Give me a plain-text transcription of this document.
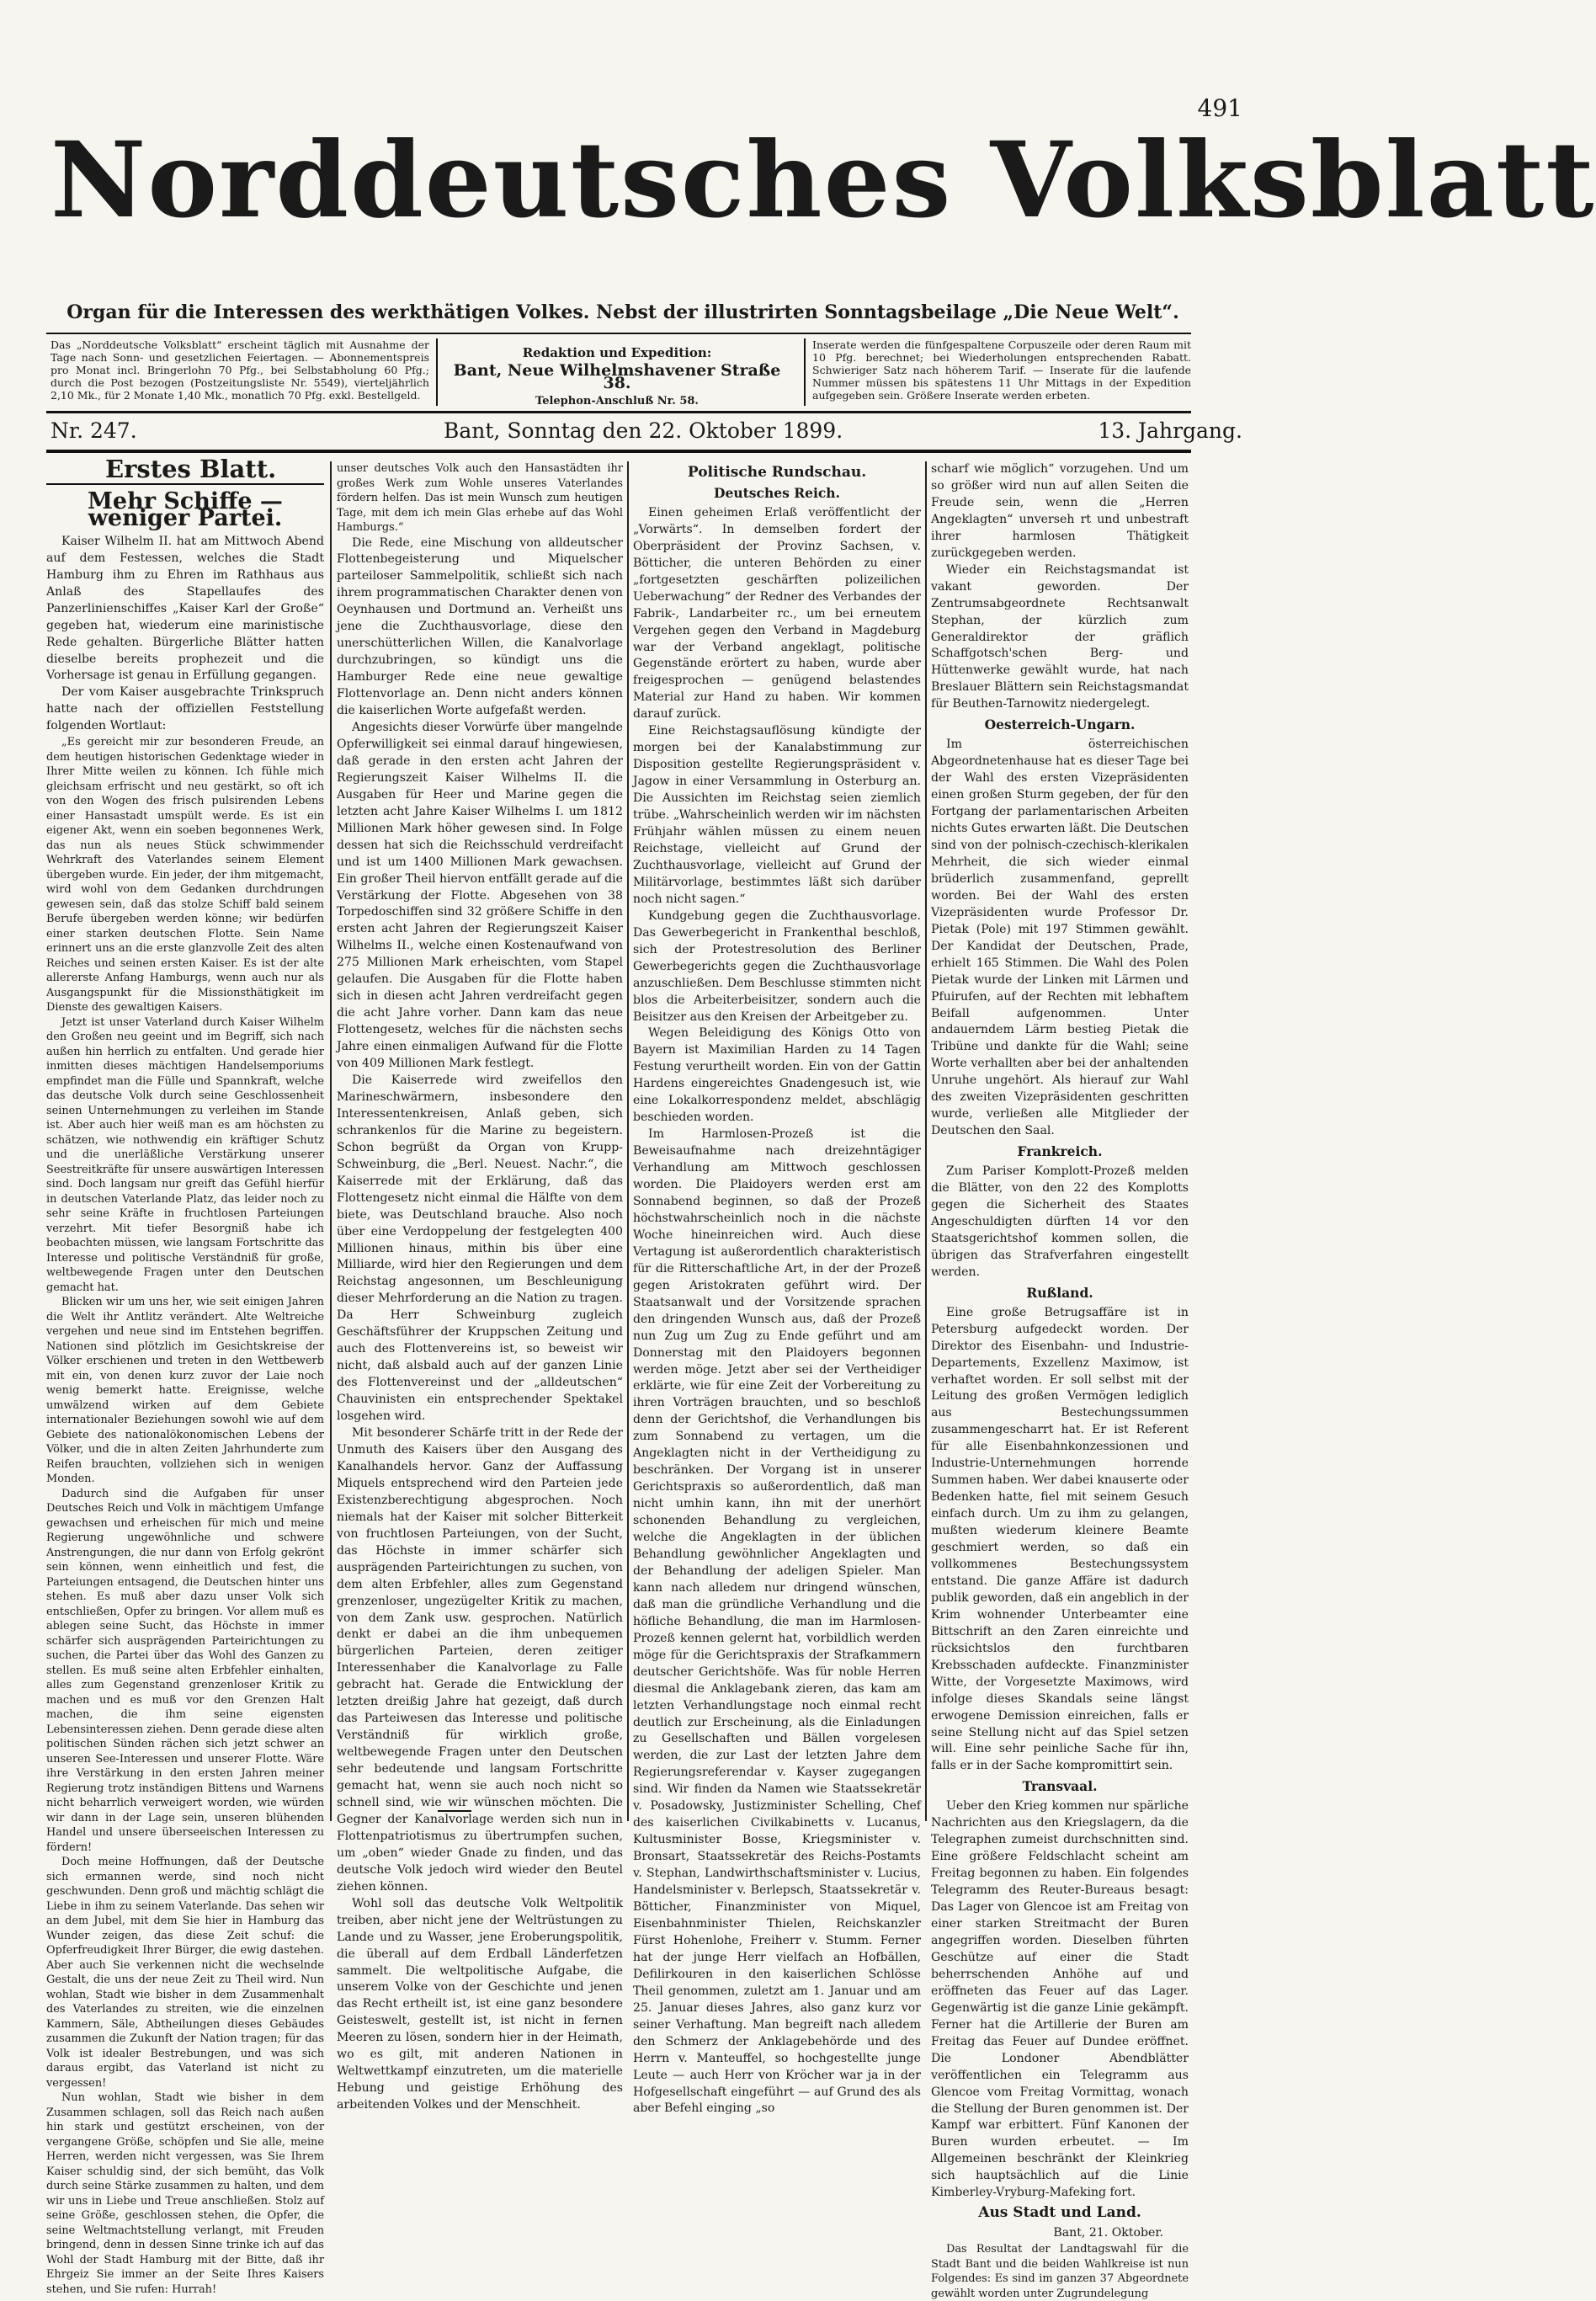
491
Norddeutsches Volksblatt
Organ für die Interessen des werkthätigen Volkes. Nebst der illustrirten Sonntagsbeilage „Die Neue Welt“.
Das „Norddeutsche Volksblatt“ erscheint täglich mit Ausnahme der Tage nach Sonn- und gesetzlichen Feiertagen. — Abonnementspreis pro Monat incl. Bringerlohn 70 Pfg., bei Selbstabholung 60 Pfg.; durch die Post bezogen (Postzeitungsliste Nr. 5549), vierteljährlich 2,10 Mk., für 2 Monate 1,40 Mk., monatlich 70 Pfg. exkl. Bestellgeld.
Redaktion und Expedition:
Bant, Neue Wilhelmshavener Straße 38.
Telephon-Anschluß Nr. 58.
Inserate werden die fünfgespaltene Corpuszeile oder deren Raum mit 10 Pfg. berechnet; bei Wiederholungen entsprechenden Rabatt. Schwieriger Satz nach höherem Tarif. — Inserate für die laufende Nummer müssen bis spätestens 11 Uhr Mittags in der Expedition aufgegeben sein. Größere Inserate werden erbeten.
Nr. 247.	Bant, Sonntag den 22. Oktober 1899.	13. Jahrgang.
Erstes Blatt.
Mehr Schiffe — weniger Partei.

Kaiser Wilhelm II. hat am Mittwoch Abend auf dem Festessen, welches die Stadt Hamburg ihm zu Ehren im Rathhaus aus Anlaß des Stapellaufes des Panzerlinienschiffes „Kaiser Karl der Große“ gegeben hat, wiederum eine marinistische Rede gehalten. Bürgerliche Blätter hatten dieselbe bereits prophezeit und die Vorhersage ist genau in Erfüllung gegangen.

Der vom Kaiser ausgebrachte Trinkspruch hatte nach der offiziellen Feststellung folgenden Wortlaut:

„Es gereicht mir zur besonderen Freude, an dem heutigen historischen Gedenktage wieder in Ihrer Mitte weilen zu können. Ich fühle mich gleichsam erfrischt und neu gestärkt, so oft ich von den Wogen des frisch pulsirenden Lebens einer Hansastadt umspült werde. Es ist ein eigener Akt, wenn ein soeben begonnenes Werk, das nun als neues Stück schwimmender Wehrkraft des Vaterlandes seinem Element übergeben wurde. Ein jeder, der ihm mitgemacht, wird wohl von dem Gedanken durchdrungen gewesen sein, daß das stolze Schiff bald seinem Berufe übergeben werden könne; wir bedürfen einer starken deutschen Flotte. Sein Name erinnert uns an die erste glanzvolle Zeit des alten Reiches und seinen ersten Kaiser. Es ist der alte allererste Anfang Hamburgs, wenn auch nur als Ausgangspunkt für die Missionsthätigkeit im Dienste des gewaltigen Kaisers.

Jetzt ist unser Vaterland durch Kaiser Wilhelm den Großen neu geeint und im Begriff, sich nach außen hin herrlich zu entfalten. Und gerade hier inmitten dieses mächtigen Handelsemporiums empfindet man die Fülle und Spannkraft, welche das deutsche Volk durch seine Geschlossenheit seinen Unternehmungen zu verleihen im Stande ist. Aber auch hier weiß man es am höchsten zu schätzen, wie nothwendig ein kräftiger Schutz und die unerläßliche Verstärkung unserer Seestreitkräfte für unsere auswärtigen Interessen sind. Doch langsam nur greift das Gefühl hierfür in deutschen Vaterlande Platz, das leider noch zu sehr seine Kräfte in fruchtlosen Parteiungen verzehrt. Mit tiefer Besorgniß habe ich beobachten müssen, wie langsam Fortschritte das Interesse und politische Verständniß für große, weltbewegende Fragen unter den Deutschen gemacht hat.

Blicken wir um uns her, wie seit einigen Jahren die Welt ihr Antlitz verändert. Alte Weltreiche vergehen und neue sind im Entstehen begriffen. Nationen sind plötzlich im Gesichtskreise der Völker erschienen und treten in den Wettbewerb mit ein, von denen kurz zuvor der Laie noch wenig bemerkt hatte. Ereignisse, welche umwälzend wirken auf dem Gebiete internationaler Beziehungen sowohl wie auf dem Gebiete des nationalökonomischen Lebens der Völker, und die in alten Zeiten Jahrhunderte zum Reifen brauchten, vollziehen sich in wenigen Monden.

Dadurch sind die Aufgaben für unser Deutsches Reich und Volk in mächtigem Umfange gewachsen und erheischen für mich und meine Regierung ungewöhnliche und schwere Anstrengungen, die nur dann von Erfolg gekrönt sein können, wenn einheitlich und fest, die Parteiungen entsagend, die Deutschen hinter uns stehen. Es muß aber dazu unser Volk sich entschließen, Opfer zu bringen. Vor allem muß es ablegen seine Sucht, das Höchste in immer schärfer sich ausprägenden Parteirichtungen zu suchen, die Partei über das Wohl des Ganzen zu stellen. Es muß seine alten Erbfehler einhalten, alles zum Gegenstand grenzenloser Kritik zu machen und es muß vor den Grenzen Halt machen, die ihm seine eigensten Lebensinteressen ziehen. Denn gerade diese alten politischen Sünden rächen sich jetzt schwer an unseren See-Interessen und unserer Flotte. Wäre ihre Verstärkung in den ersten Jahren meiner Regierung trotz inständigen Bittens und Warnens nicht beharrlich verweigert worden, wie würden wir dann in der Lage sein, unseren blühenden Handel und unsere überseeischen Interessen zu fördern!

Doch meine Hoffnungen, daß der Deutsche sich ermannen werde, sind noch nicht geschwunden. Denn groß und mächtig schlägt die Liebe in ihm zu seinem Vaterlande. Das sehen wir an dem Jubel, mit dem Sie hier in Hamburg das Wunder zeigen, das diese Zeit schuf: die Opferfreudigkeit Ihrer Bürger, die ewig dastehen. Aber auch Sie verkennen nicht die wechselnde Gestalt, die uns der neue Zeit zu Theil wird. Nun wohlan, Stadt wie bisher in dem Zusammenhalt des Vaterlandes zu streiten, wie die einzelnen Kammern, Säle, Abtheilungen dieses Gebäudes zusammen die Zukunft der Nation tragen; für das Volk ist idealer Bestrebungen, und was sich daraus ergibt, das Vaterland ist nicht zu vergessen!

Nun wohlan, Stadt wie bisher in dem Zusammen schlagen, soll das Reich nach außen hin stark und gestützt erscheinen, von der vergangene Größe, schöpfen und Sie alle, meine Herren, werden nicht vergessen, was Sie Ihrem Kaiser schuldig sind, der sich bemüht, das Volk durch seine Stärke zusammen zu halten, und dem wir uns in Liebe und Treue anschließen. Stolz auf seine Größe, geschlossen stehen, die Opfer, die seine Weltmachtstellung verlangt, mit Freuden bringend, denn in dessen Sinne trinke ich auf das Wohl der Stadt Hamburg mit der Bitte, daß ihr Ehrgeiz Sie immer an der Seite Ihres Kaisers stehen, und Sie rufen: Hurrah!

unser deutsches Volk auch den Hansastädten ihr großes Werk zum Wohle unseres Vaterlandes fördern helfen. Das ist mein Wunsch zum heutigen Tage, mit dem ich mein Glas erhebe auf das Wohl Hamburgs.“

Die Rede, eine Mischung von alldeutscher Flottenbegeisterung und Miquelscher parteiloser Sammelpolitik, schließt sich nach ihrem programmatischen Charakter denen von Oeynhausen und Dortmund an. Verheißt uns jene die Zuchthausvorlage, diese den unerschütterlichen Willen, die Kanalvorlage durchzubringen, so kündigt uns die Hamburger Rede eine neue gewaltige Flottenvorlage an. Denn nicht anders können die kaiserlichen Worte aufgefaßt werden.

Angesichts dieser Vorwürfe über mangelnde Opferwilligkeit sei einmal darauf hingewiesen, daß gerade in den ersten acht Jahren der Regierungszeit Kaiser Wilhelms II. die Ausgaben für Heer und Marine gegen die letzten acht Jahre Kaiser Wilhelms I. um 1812 Millionen Mark höher gewesen sind. In Folge dessen hat sich die Reichsschuld verdreifacht und ist um 1400 Millionen Mark gewachsen. Ein großer Theil hiervon entfällt gerade auf die Verstärkung der Flotte. Abgesehen von 38 Torpedoschiffen sind 32 größere Schiffe in den ersten acht Jahren der Regierungszeit Kaiser Wilhelms II., welche einen Kostenaufwand von 275 Millionen Mark erheischten, vom Stapel gelaufen. Die Ausgaben für die Flotte haben sich in diesen acht Jahren verdreifacht gegen die acht Jahre vorher. Dann kam das neue Flottengesetz, welches für die nächsten sechs Jahre einen einmaligen Aufwand für die Flotte von 409 Millionen Mark festlegt.

Die Kaiserrede wird zweifellos den Marineschwärmern, insbesondere den Interessentenkreisen, Anlaß geben, sich schrankenlos für die Marine zu begeistern. Schon begrüßt da Organ von Krupp-Schweinburg, die „Berl. Neuest. Nachr.“, die Kaiserrede mit der Erklärung, daß das Flottengesetz nicht einmal die Hälfte von dem biete, was Deutschland brauche. Also noch über eine Verdoppelung der festgelegten 400 Millionen hinaus, mithin bis über eine Milliarde, wird hier den Regierungen und dem Reichstag angesonnen, um Beschleunigung dieser Mehrforderung an die Nation zu tragen. Da Herr Schweinburg zugleich Geschäftsführer der Kruppschen Zeitung und auch des Flottenvereins ist, so beweist wir nicht, daß alsbald auch auf der ganzen Linie des Flottenvereinst und der „alldeutschen“ Chauvinisten ein entsprechender Spektakel losgehen wird.

Mit besonderer Schärfe tritt in der Rede der Unmuth des Kaisers über den Ausgang des Kanalhandels hervor. Ganz der Auffassung Miquels entsprechend wird den Parteien jede Existenzberechtigung abgesprochen. Noch niemals hat der Kaiser mit solcher Bitterkeit von fruchtlosen Parteiungen, von der Sucht, das Höchste in immer schärfer sich ausprägenden Parteirichtungen zu suchen, von dem alten Erbfehler, alles zum Gegenstand grenzenloser, ungezügelter Kritik zu machen, von dem Zank usw. gesprochen. Natürlich denkt er dabei an die ihm unbequemen bürgerlichen Parteien, deren zeitiger Interessenhaber die Kanalvorlage zu Falle gebracht hat. Gerade die Entwicklung der letzten dreißig Jahre hat gezeigt, daß durch das Parteiwesen das Interesse und politische Verständniß für wirklich große, weltbewegende Fragen unter den Deutschen sehr bedeutende und langsam Fortschritte gemacht hat, wenn sie auch noch nicht so schnell sind, wie wir wünschen möchten. Die Gegner der Kanalvorlage werden sich nun in Flottenpatriotismus zu übertrumpfen suchen, um „oben“ wieder Gnade zu finden, und das deutsche Volk jedoch wird wieder den Beutel ziehen können.

Wohl soll das deutsche Volk Weltpolitik treiben, aber nicht jene der Weltrüstungen zu Lande und zu Wasser, jene Eroberungspolitik, die überall auf dem Erdball Länderfetzen sammelt. Die weltpolitische Aufgabe, die unserem Volke von der Geschichte und jenen das Recht ertheilt ist, ist eine ganz besondere Geisteswelt, gestellt ist, ist nicht in fernen Meeren zu lösen, sondern hier in der Heimath, wo es gilt, mit anderen Nationen in Weltwettkampf einzutreten, um die materielle Hebung und geistige Erhöhung des arbeitenden Volkes und der Menschheit.

Politische Rundschau.
Deutsches Reich.

Einen geheimen Erlaß veröffentlicht der „Vorwärts“. In demselben fordert der Oberpräsident der Provinz Sachsen, v. Bötticher, die unteren Behörden zu einer „fortgesetzten geschärften polizeilichen Ueberwachung“ der Redner des Verbandes der Fabrik-, Landarbeiter rc., um bei erneutem Vergehen gegen den Verband in Magdeburg war der Verband angeklagt, politische Gegenstände erörtert zu haben, wurde aber freigesprochen — genügend belastendes Material zur Hand zu haben. Wir kommen darauf zurück.

Eine Reichstagsauflösung kündigte der morgen bei der Kanalabstimmung zur Disposition gestellte Regierungspräsident v. Jagow in einer Versammlung in Osterburg an. Die Aussichten im Reichstag seien ziemlich trübe. „Wahrscheinlich werden wir im nächsten Frühjahr wählen müssen zu einem neuen Reichstage, vielleicht auf Grund der Zuchthausvorlage, vielleicht auf Grund der Militärvorlage, bestimmtes läßt sich darüber noch nicht sagen.“

Kundgebung gegen die Zuchthausvorlage. Das Gewerbegericht in Frankenthal beschloß, sich der Protestresolution des Berliner Gewerbegerichts gegen die Zuchthausvorlage anzuschließen. Dem Beschlusse stimmten nicht blos die Arbeiterbeisitzer, sondern auch die Beisitzer aus den Kreisen der Arbeitgeber zu.

Wegen Beleidigung des Königs Otto von Bayern ist Maximilian Harden zu 14 Tagen Festung verurtheilt worden. Ein von der Gattin Hardens eingereichtes Gnadengesuch ist, wie eine Lokalkorrespondenz meldet, abschlägig beschieden worden.

Im Harmlosen-Prozeß ist die Beweisaufnahme nach dreizehntägiger Verhandlung am Mittwoch geschlossen worden. Die Plaidoyers werden erst am Sonnabend beginnen, so daß der Prozeß höchstwahrscheinlich noch in die nächste Woche hineinreichen wird. Auch diese Vertagung ist außerordentlich charakteristisch für die Ritterschaftliche Art, in der der Prozeß gegen Aristokraten geführt wird. Der Staatsanwalt und der Vorsitzende sprachen den dringenden Wunsch aus, daß der Prozeß nun Zug um Zug zu Ende geführt und am Donnerstag mit den Plaidoyers begonnen werden möge. Jetzt aber sei der Vertheidiger erklärte, wie für eine Zeit der Vorbereitung zu ihren Vorträgen brauchten, und so beschloß denn der Gerichtshof, die Verhandlungen bis zum Sonnabend zu vertagen, um die Angeklagten nicht in der Vertheidigung zu beschränken. Der Vorgang ist in unserer Gerichtspraxis so außerordentlich, daß man nicht umhin kann, ihn mit der unerhört schonenden Behandlung zu vergleichen, welche die Angeklagten in der üblichen Behandlung gewöhnlicher Angeklagten und der Behandlung der adeligen Spieler. Man kann nach alledem nur dringend wünschen, daß man die gründliche Verhandlung und die höfliche Behandlung, die man im Harmlosen-Prozeß kennen gelernt hat, vorbildlich werden möge für die Gerichtspraxis der Strafkammern deutscher Gerichtshöfe. Was für noble Herren diesmal die Anklagebank zieren, das kam am letzten Verhandlungstage noch einmal recht deutlich zur Erscheinung, als die Einladungen zu Gesellschaften und Bällen vorgelesen werden, die zur Last der letzten Jahre dem Regierungsreferendar v. Kayser zugegangen sind. Wir finden da Namen wie Staatssekretär v. Posadowsky, Justizminister Schelling, Chef des kaiserlichen Civilkabinetts v. Lucanus, Kultusminister Bosse, Kriegsminister v. Bronsart, Staatssekretär des Reichs-Postamts v. Stephan, Landwirthschaftsminister v. Lucius, Handelsminister v. Berlepsch, Staatssekretär v. Bötticher, Finanzminister von Miquel, Eisenbahnminister Thielen, Reichskanzler Fürst Hohenlohe, Freiherr v. Stumm. Ferner hat der junge Herr vielfach an Hofbällen, Defilirkouren in den kaiserlichen Schlösse Theil genommen, zuletzt am 1. Januar und am 25. Januar dieses Jahres, also ganz kurz vor seiner Verhaftung. Man begreift nach alledem den Schmerz der Anklagebehörde und des Herrn v. Manteuffel, so hochgestellte junge Leute — auch Herr von Kröcher war ja in der Hofgesellschaft eingeführt — auf Grund des als aber Befehl einging „so

scharf wie möglich“ vorzugehen. Und um so größer wird nun auf allen Seiten die Freude sein, wenn die „Herren Angeklagten“ unverseh rt und unbestraft ihrer harmlosen Thätigkeit zurückgegeben werden.

Wieder ein Reichstagsmandat ist vakant geworden. Der Zentrumsabgeordnete Rechtsanwalt Stephan, der kürzlich zum Generaldirektor der gräflich Schaffgotsch'schen Berg- und Hüttenwerke gewählt wurde, hat nach Breslauer Blättern sein Reichstagsmandat für Beuthen-Tarnowitz niedergelegt.

Oesterreich-Ungarn.

Im österreichischen Abgeordnetenhause hat es dieser Tage bei der Wahl des ersten Vizepräsidenten einen großen Sturm gegeben, der für den Fortgang der parlamentarischen Arbeiten nichts Gutes erwarten läßt. Die Deutschen sind von der polnisch-czechisch-klerikalen Mehrheit, die sich wieder einmal brüderlich zusammenfand, geprellt worden. Bei der Wahl des ersten Vizepräsidenten wurde Professor Dr. Pietak (Pole) mit 197 Stimmen gewählt. Der Kandidat der Deutschen, Prade, erhielt 165 Stimmen. Die Wahl des Polen Pietak wurde der Linken mit Lärmen und Pfuirufen, auf der Rechten mit lebhaftem Beifall aufgenommen. Unter andauerndem Lärm bestieg Pietak die Tribüne und dankte für die Wahl; seine Worte verhallten aber bei der anhaltenden Unruhe ungehört. Als hierauf zur Wahl des zweiten Vizepräsidenten geschritten wurde, verließen alle Mitglieder der Deutschen den Saal.

Frankreich.

Zum Pariser Komplott-Prozeß melden die Blätter, von den 22 des Komplotts gegen die Sicherheit des Staates Angeschuldigten dürften 14 vor den Staatsgerichtshof kommen sollen, die übrigen das Strafverfahren eingestellt werden.

Rußland.

Eine große Betrugsaffäre ist in Petersburg aufgedeckt worden. Der Direktor des Eisenbahn- und Industrie-Departements, Exzellenz Maximow, ist verhaftet worden. Er soll selbst mit der Leitung des großen Vermögen lediglich aus Bestechungssummen zusammengescharrt hat. Er ist Referent für alle Eisenbahnkonzessionen und Industrie-Unternehmungen horrende Summen haben. Wer dabei knauserte oder Bedenken hatte, fiel mit seinem Gesuch einfach durch. Um zu ihm zu gelangen, mußten wiederum kleinere Beamte geschmiert werden, so daß ein vollkommenes Bestechungssystem entstand. Die ganze Affäre ist dadurch publik geworden, daß ein angeblich in der Krim wohnender Unterbeamter eine Bittschrift an den Zaren einreichte und rücksichtslos den furchtbaren Krebsschaden aufdeckte. Finanzminister Witte, der Vorgesetzte Maximows, wird infolge dieses Skandals seine längst erwogene Demission einreichen, falls er seine Stellung nicht auf das Spiel setzen will. Eine sehr peinliche Sache für ihn, falls er in der Sache kompromittirt sein.

Transvaal.

Ueber den Krieg kommen nur spärliche Nachrichten aus den Kriegslagern, da die Telegraphen zumeist durchschnitten sind. Eine größere Feldschlacht scheint am Freitag begonnen zu haben. Ein folgendes Telegramm des Reuter-Bureaus besagt: Das Lager von Glencoe ist am Freitag von einer starken Streitmacht der Buren angegriffen worden. Dieselben führten Geschütze auf einer die Stadt beherrschenden Anhöhe auf und eröffneten das Feuer auf das Lager. Gegenwärtig ist die ganze Linie gekämpft. Ferner hat die Artillerie der Buren am Freitag das Feuer auf Dundee eröffnet. Die Londoner Abendblätter veröffentlichen ein Telegramm aus Glencoe vom Freitag Vormittag, wonach die Stellung der Buren genommen ist. Der Kampf war erbittert. Fünf Kanonen der Buren wurden erbeutet. — Im Allgemeinen beschränkt der Kleinkrieg sich hauptsächlich auf die Linie Kimberley-Vryburg-Mafeking fort.

Aus Stadt und Land.
Bant, 21. Oktober.

Das Resultat der Landtagswahl für die Stadt Bant und die beiden Wahlkreise ist nun Folgendes: Es sind im ganzen 37 Abgeordnete gewählt worden unter Zugrundelegung
